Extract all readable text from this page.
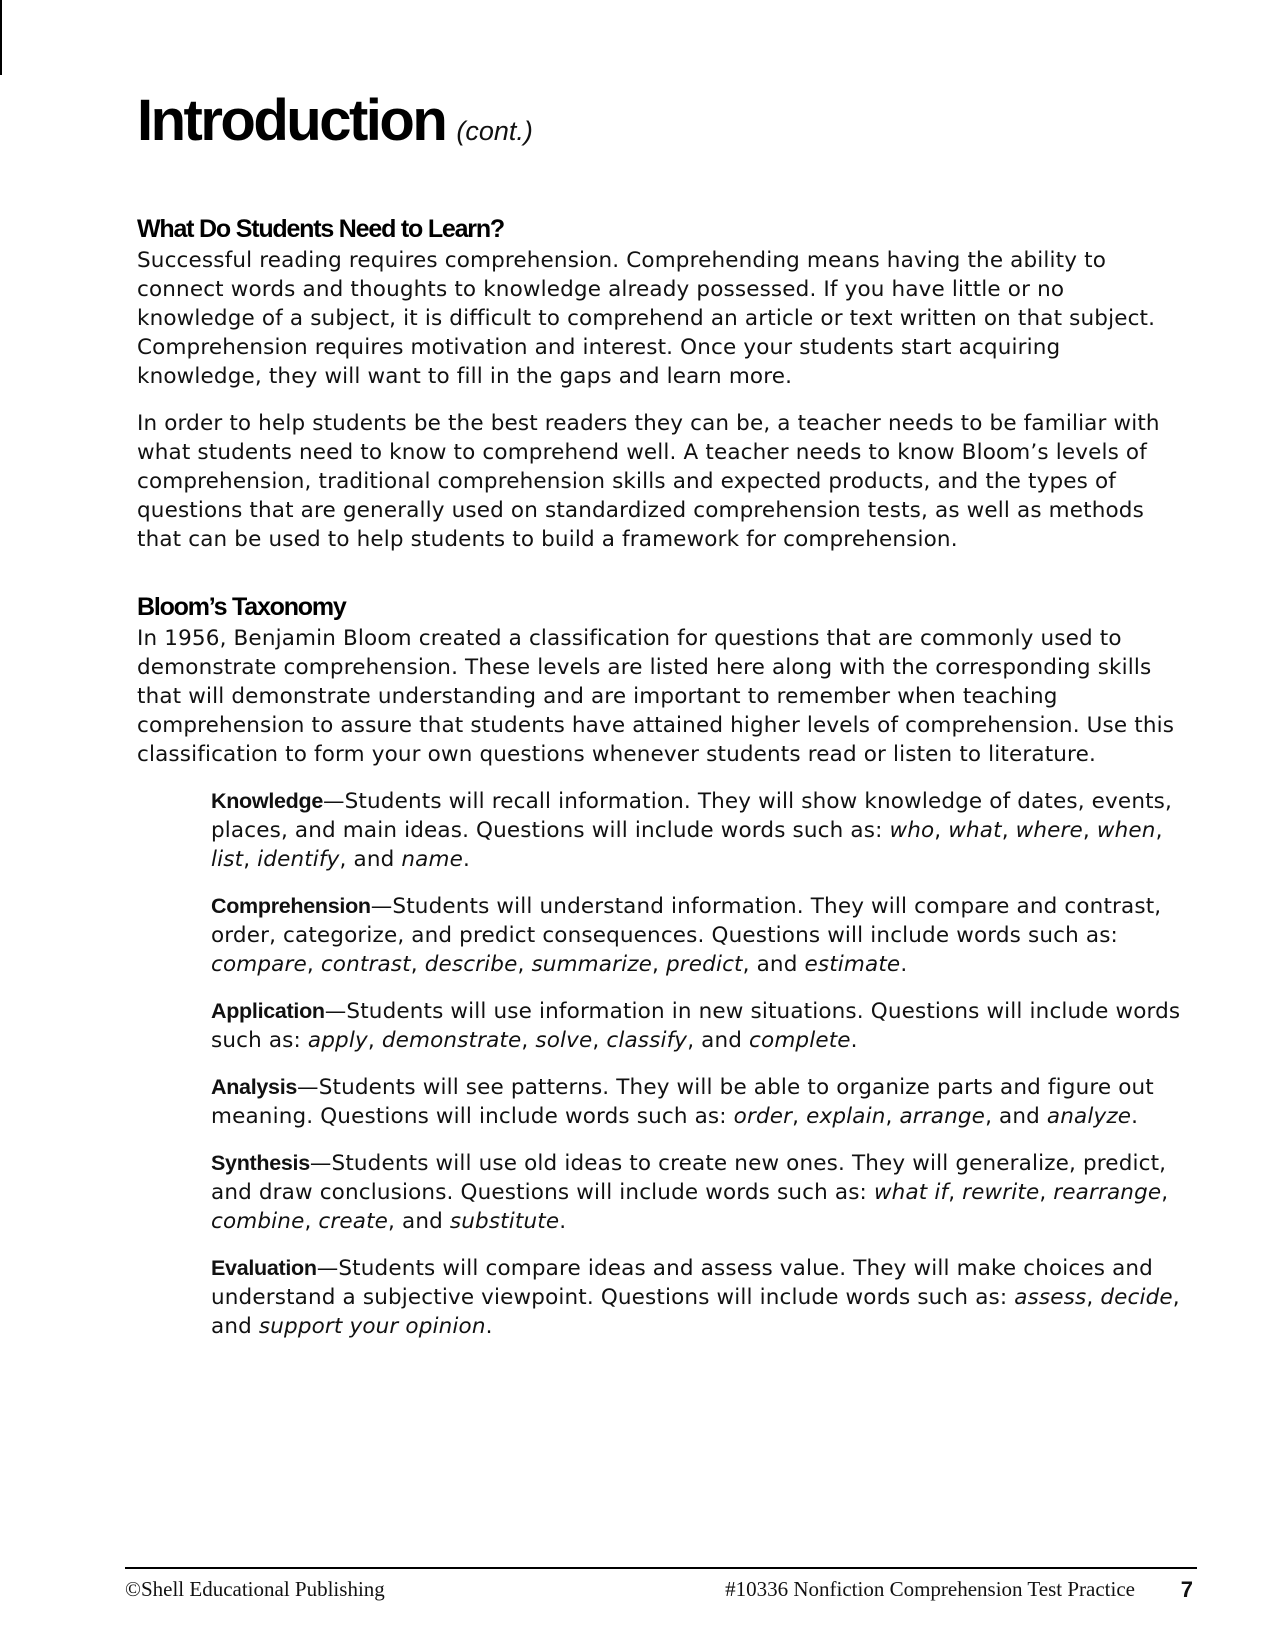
Introduction (cont.)
What Do Students Need to Learn?

Successful reading requires comprehension. Comprehending means having the ability to connect words and thoughts to knowledge already possessed. If you have little or no knowledge of a subject, it is difficult to comprehend an article or text written on that subject. Comprehension requires motivation and interest. Once your students start acquiring knowledge, they will want to fill in the gaps and learn more.

In order to help students be the best readers they can be, a teacher needs to be familiar with what students need to know to comprehend well. A teacher needs to know Bloom’s levels of comprehension, traditional comprehension skills and expected products, and the types of questions that are generally used on standardized comprehension tests, as well as methods that can be used to help students to build a framework for comprehension.

Bloom’s Taxonomy

In 1956, Benjamin Bloom created a classification for questions that are commonly used to demonstrate comprehension. These levels are listed here along with the corresponding skills that will demonstrate understanding and are important to remember when teaching comprehension to assure that students have attained higher levels of comprehension. Use this classification to form your own questions whenever students read or listen to literature.

Knowledge—Students will recall information. They will show knowledge of dates, events, places, and main ideas. Questions will include words such as: who, what, where, when, list, identify, and name.

Comprehension—Students will understand information. They will compare and contrast, order, categorize, and predict consequences. Questions will include words such as: compare, contrast, describe, summarize, predict, and estimate.

Application—Students will use information in new situations. Questions will include words such as: apply, demonstrate, solve, classify, and complete.

Analysis—Students will see patterns. They will be able to organize parts and figure out meaning. Questions will include words such as: order, explain, arrange, and analyze.

Synthesis—Students will use old ideas to create new ones. They will generalize, predict, and draw conclusions. Questions will include words such as: what if, rewrite, rearrange, combine, create, and substitute.

Evaluation—Students will compare ideas and assess value. They will make choices and understand a subjective viewpoint. Questions will include words such as: assess, decide, and support your opinion.

©Shell Educational Publishing	#10336 Nonfiction Comprehension Test Practice 7
